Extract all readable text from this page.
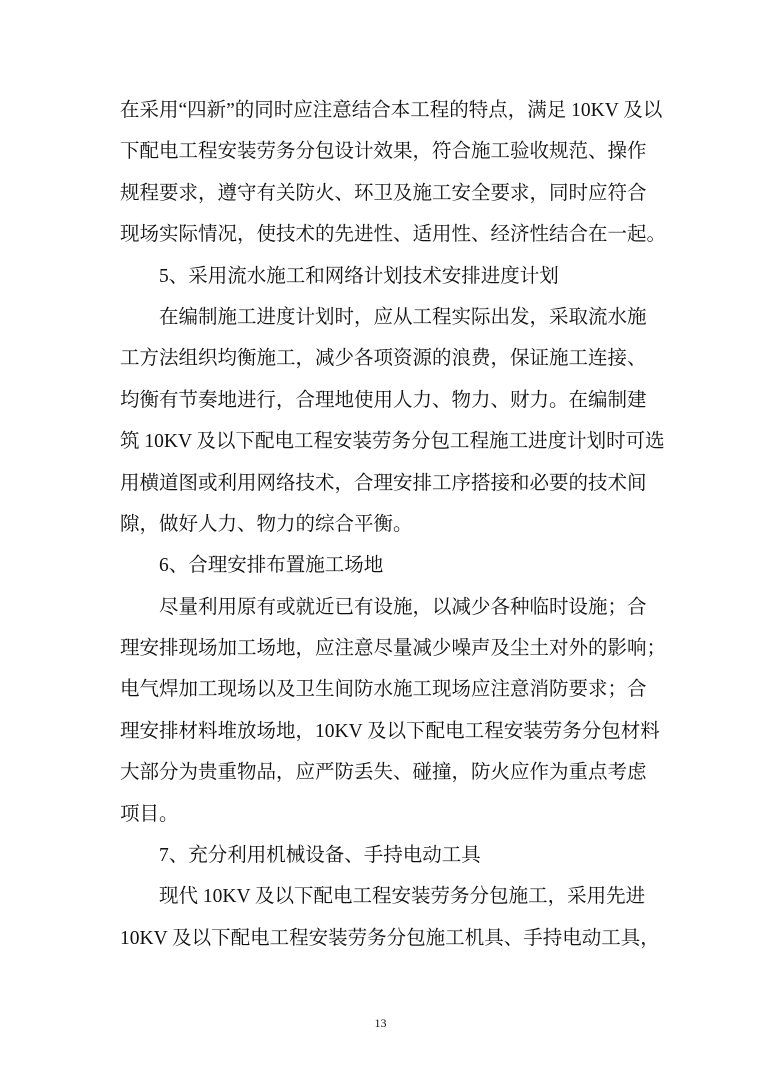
在采用“四新”的同时应注意结合本工程的特点，满足 10KV 及以
下配电工程安装劳务分包设计效果，符合施工验收规范、操作
规程要求，遵守有关防火、环卫及施工安全要求，同时应符合
现场实际情况，使技术的先进性、适用性、经济性结合在一起。
5、采用流水施工和网络计划技术安排进度计划
在编制施工进度计划时，应从工程实际出发，采取流水施
工方法组织均衡施工，减少各项资源的浪费，保证施工连接、
均衡有节奏地进行，合理地使用人力、物力、财力。在编制建
筑 10KV 及以下配电工程安装劳务分包工程施工进度计划时可选
用横道图或利用网络技术，合理安排工序搭接和必要的技术间
隙，做好人力、物力的综合平衡。
6、合理安排布置施工场地
尽量利用原有或就近已有设施，以减少各种临时设施；合
理安排现场加工场地，应注意尽量减少噪声及尘土对外的影响；
电气焊加工现场以及卫生间防水施工现场应注意消防要求；合
理安排材料堆放场地，10KV 及以下配电工程安装劳务分包材料
大部分为贵重物品，应严防丢失、碰撞，防火应作为重点考虑
项目。
7、充分利用机械设备、手持电动工具
现代 10KV 及以下配电工程安装劳务分包施工，采用先进
10KV 及以下配电工程安装劳务分包施工机具、手持电动工具，
13
